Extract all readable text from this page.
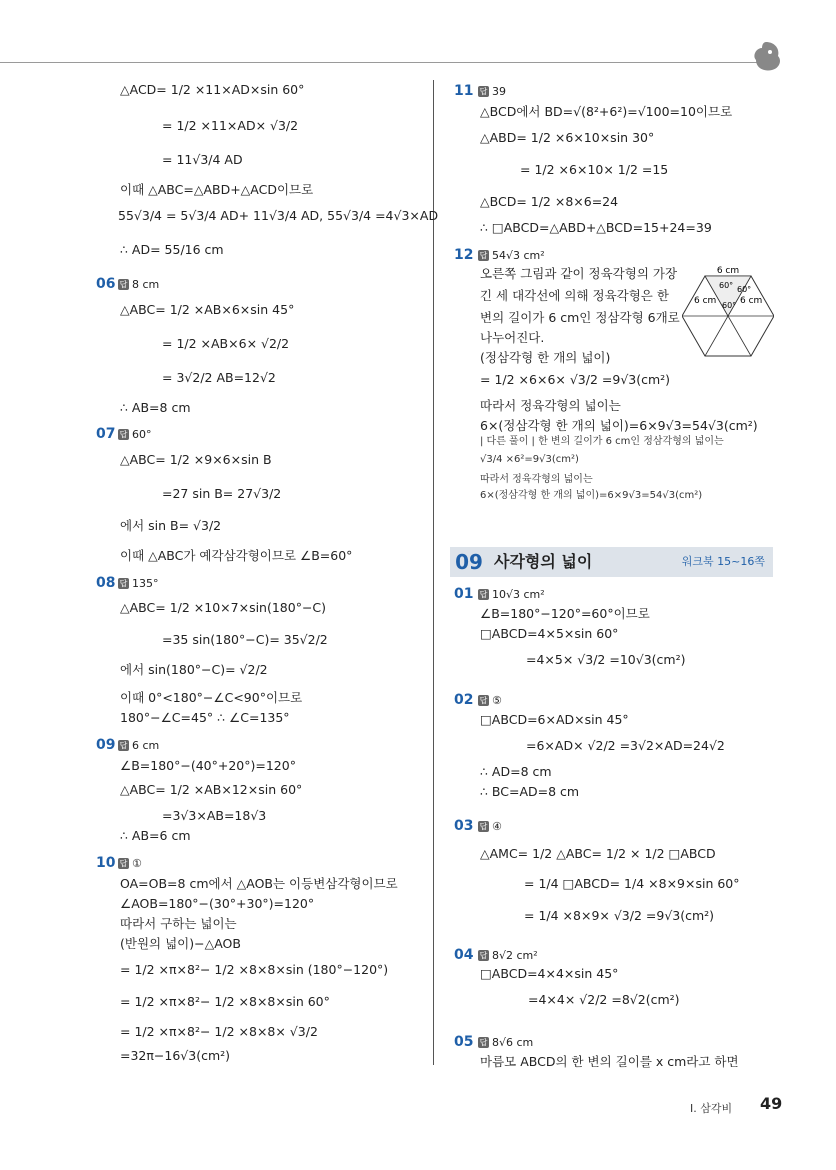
△ACD= 1/2 ×11×AD×sin 60°
= 1/2 ×11×AD× √3/2
= 11√3/4 AD
이때 △ABC=△ABD+△ACD이므로
55√3/4 = 5√3/4 AD+ 11√3/4 AD, 55√3/4 =4√3×AD
∴ AD= 55/16 cm
06 답 8 cm
△ABC= 1/2 ×AB×6×sin 45°
= 1/2 ×AB×6× √2/2
= 3√2/2 AB=12√2
∴ AB=8 cm
07 답 60°
△ABC= 1/2 ×9×6×sin B
=27 sin B= 27√3/2
에서 sin B= √3/2
이때 △ABC가 예각삼각형이므로 ∠B=60°
08 답 135°
△ABC= 1/2 ×10×7×sin(180°−C)
=35 sin(180°−C)= 35√2/2
에서 sin(180°−C)= √2/2
이때 0°<180°−∠C<90°이므로
180°−∠C=45° ∴ ∠C=135°
09 답 6 cm
∠B=180°−(40°+20°)=120°
△ABC= 1/2 ×AB×12×sin 60°
=3√3×AB=18√3
∴ AB=6 cm
10 답 ①
OA=OB=8 cm에서 △AOB는 이등변삼각형이므로
∠AOB=180°−(30°+30°)=120°
따라서 구하는 넓이는
(반원의 넓이)−△AOB
= 1/2 ×π×8²− 1/2 ×8×8×sin (180°−120°)
= 1/2 ×π×8²− 1/2 ×8×8×sin 60°
= 1/2 ×π×8²− 1/2 ×8×8× √3/2
=32π−16√3(cm²)
11 답 39
△BCD에서 BD=√(8²+6²)=√100=10이므로
△ABD= 1/2 ×6×10×sin 30°
= 1/2 ×6×10× 1/2 =15
△BCD= 1/2 ×8×6=24
∴ □ABCD=△ABD+△BCD=15+24=39
12 답 54√3 cm²
오른쪽 그림과 같이 정육각형의 가장
긴 세 대각선에 의해 정육각형은 한
변의 길이가 6 cm인 정삼각형 6개로
나누어진다.
(정삼각형 한 개의 넓이)
= 1/2 ×6×6× √3/2 =9√3(cm²)
따라서 정육각형의 넓이는
6×(정삼각형 한 개의 넓이)=6×9√3=54√3(cm²)
| 다른 풀이 | 한 변의 길이가 6 cm인 정삼각형의 넓이는
√3/4 ×6²=9√3(cm²)
따라서 정육각형의 넓이는
6×(정삼각형 한 개의 넓이)=6×9√3=54√3(cm²)
6 cm
60° 60°
60°
6 cm	6 cm
09 사각형의 넓이	워크북 15~16쪽
01 답 10√3 cm²
∠B=180°−120°=60°이므로
□ABCD=4×5×sin 60°
=4×5× √3/2 =10√3(cm²)
02 답 ⑤
□ABCD=6×AD×sin 45°
=6×AD× √2/2 =3√2×AD=24√2
∴ AD=8 cm
∴ BC=AD=8 cm
03 답 ④
△AMC= 1/2 △ABC= 1/2 × 1/2 □ABCD
= 1/4 □ABCD= 1/4 ×8×9×sin 60°
= 1/4 ×8×9× √3/2 =9√3(cm²)
04 답 8√2 cm²
□ABCD=4×4×sin 45°
=4×4× √2/2 =8√2(cm²)
05 답 8√6 cm
마름모 ABCD의 한 변의 길이를 x cm라고 하면
Ⅰ. 삼각비 49
